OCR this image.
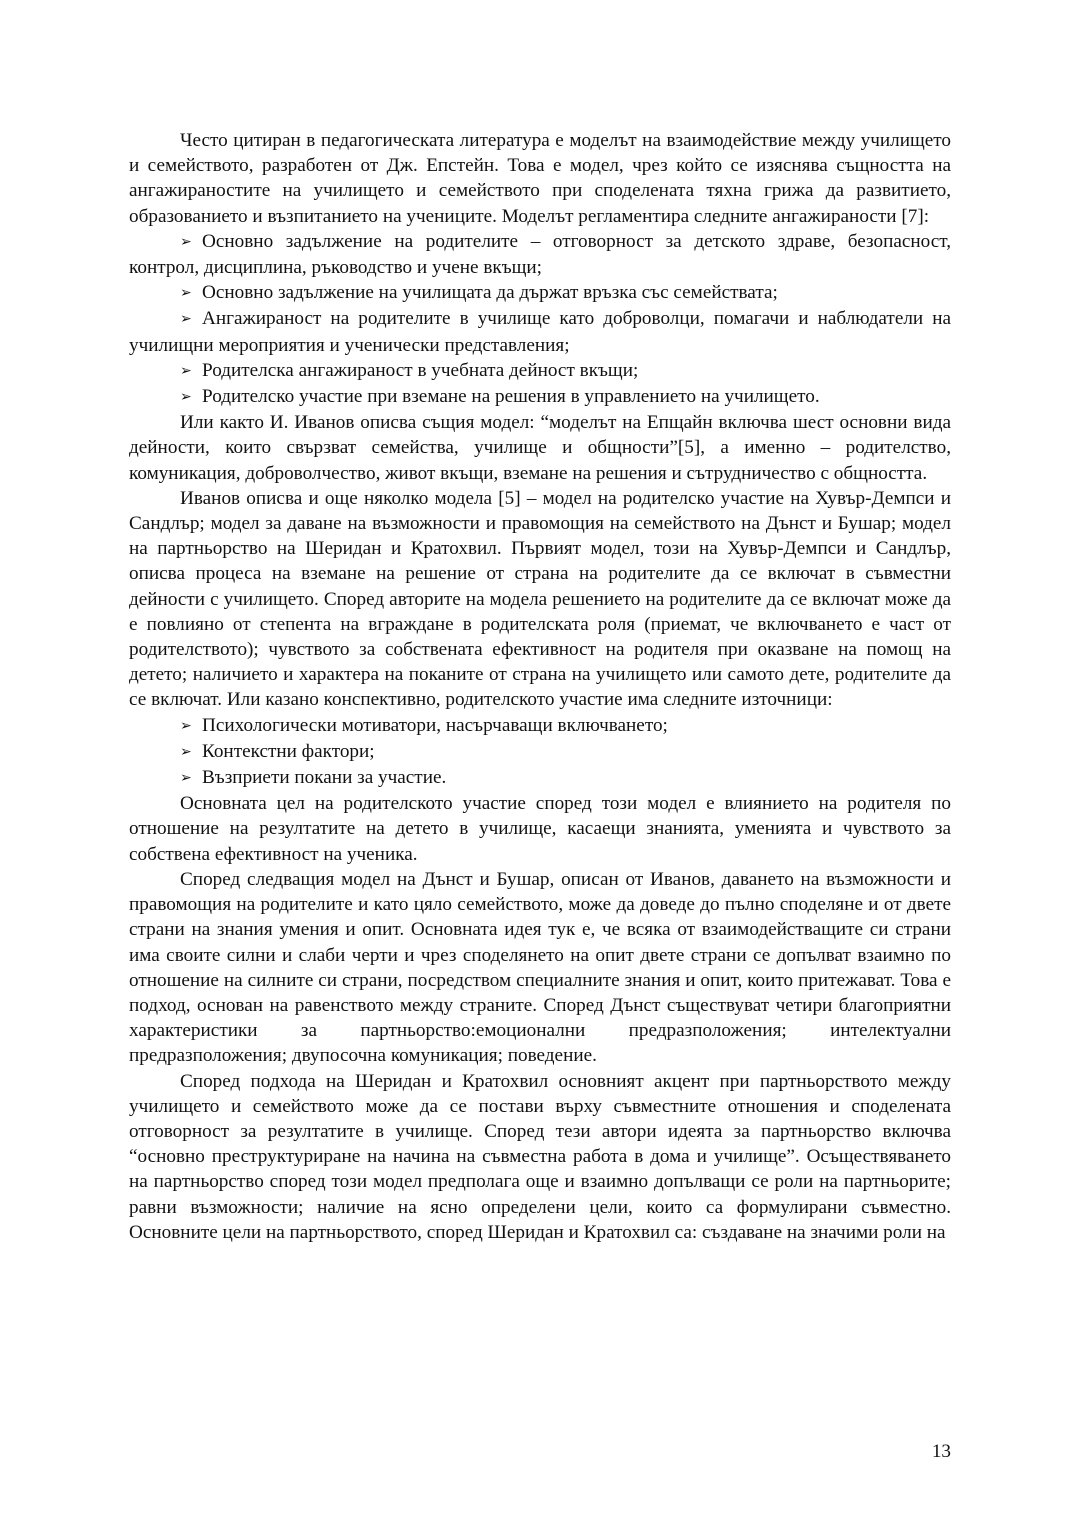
Често цитиран в педагогическата литература е моделът на взаимодействие между училището и семейството, разработен от Дж. Епстейн. Това е модел, чрез който се изяснява същността на ангажираностите на училището и семейството при споделената тяхна грижа да развитието, образованието и възпитанието на учениците. Моделът регламентира следните ангажираности [7]:

➢ Основно задължение на родителите – отговорност за детското здраве, безопасност, контрол, дисциплина, ръководство и учене вкъщи;

➢ Основно задължение на училищата да държат връзка със семействата;

➢ Ангажираност на родителите в училище като доброволци, помагачи и наблюдатели на училищни мероприятия и ученически представления;

➢ Родителска ангажираност в учебната дейност вкъщи;

➢ Родителско участие при вземане на решения в управлението на училището.

Или както И. Иванов описва същия модел: “моделът на Епщайн включва шест основни вида дейности, които свързват семейства, училище и общности”[5], а именно – родителство, комуникация, доброволчество, живот вкъщи, вземане на решения и сътрудничество с общността.

Иванов описва и още няколко модела [5] – модел на родителско участие на Хувър-Демпси и Сандлър; модел за даване на възможности и правомощия на семейството на Дънст и Бушар; модел на партньорство на Шеридан и Кратохвил. Първият модел, този на Хувър-Демпси и Сандлър, описва процеса на вземане на решение от страна на родителите да се включат в съвместни дейности с училището. Според авторите на модела решението на родителите да се включат може да е повлияно от степента на вграждане в родителската роля (приемат, че включването е част от родителството); чувството за собствената ефективност на родителя при оказване на помощ на детето; наличието и характера на поканите от страна на училището или самото дете, родителите да се включат. Или казано конспективно, родителското участие има следните източници:

➢ Психологически мотиватори, насърчаващи включването;

➢ Контекстни фактори;

➢ Възприети покани за участие.

Основната цел на родителското участие според този модел е влиянието на родителя по отношение на резултатите на детето в училище, касаещи знанията, уменията и чувството за собствена ефективност на ученика.

Според следващия модел на Дънст и Бушар, описан от Иванов, даването на възможности и правомощия на родителите и като цяло семейството, може да доведе до пълно споделяне и от двете страни на знания умения и опит. Основната идея тук е, че всяка от взаимодействащите си страни има своите силни и слаби черти и чрез споделянето на опит двете страни се допълват взаимно по отношение на силните си страни, посредством специалните знания и опит, които притежават. Това е подход, основан на равенството между страните. Според Дънст съществуват четири благоприятни характеристики за партньорство:емоционални предразположения; интелектуални предразположения; двупосочна комуникация; поведение.

Според подхода на Шеридан и Кратохвил основният акцент при партньорството между училището и семейството може да се постави върху съвместните отношения и споделената отговорност за резултатите в училище. Според тези автори идеята за партньорство включва “основно преструктуриране на начина на съвместна работа в дома и училище”. Осъществяването на партньорство според този модел предполага още и взаимно допълващи се роли на партньорите; равни възможности; наличие на ясно определени цели, които са формулирани съвместно. Основните цели на партньорството, според Шеридан и Кратохвил са: създаване на значими роли на

13
